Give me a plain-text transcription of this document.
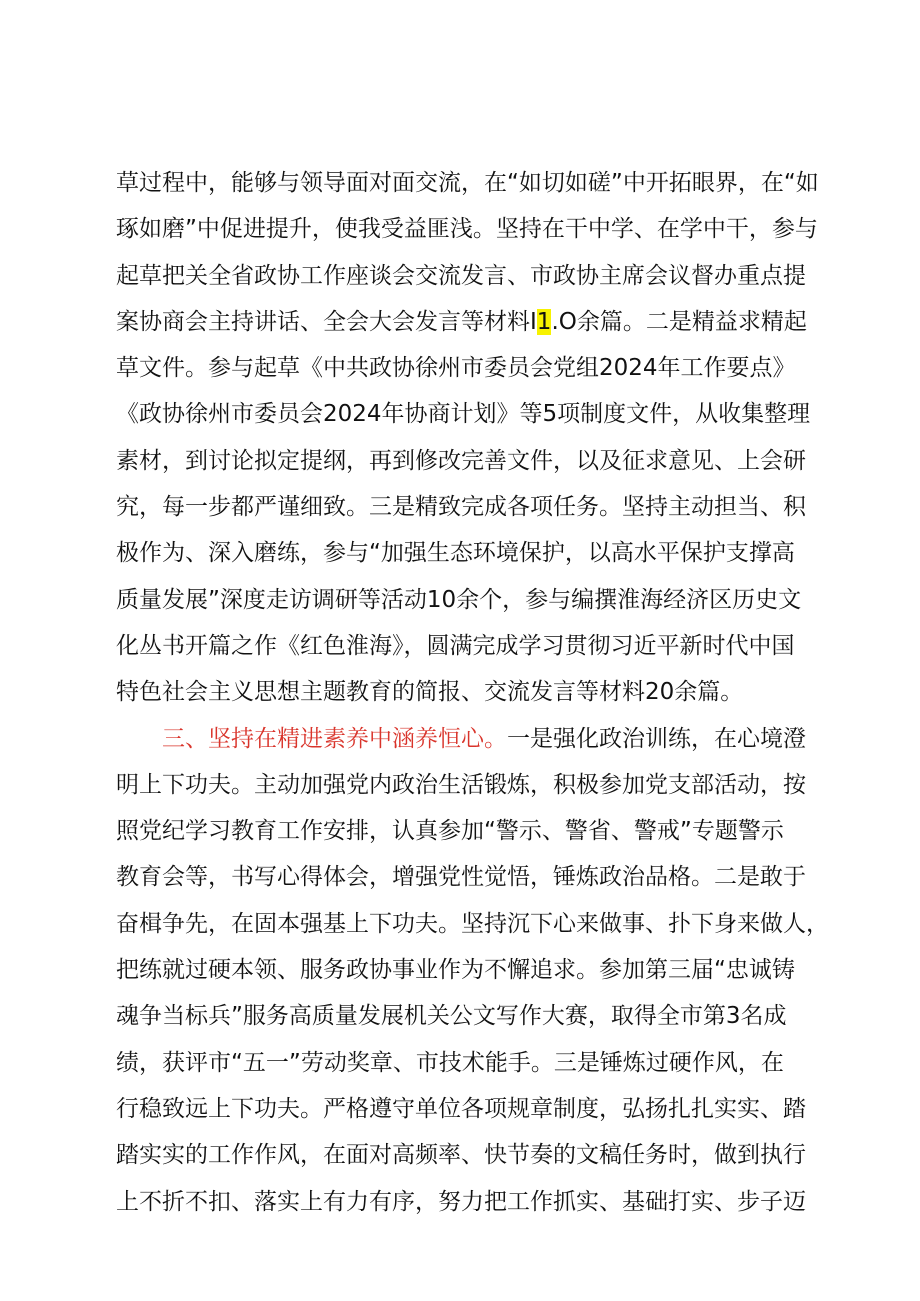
草过程中，能够与领导面对面交流，在“如切如磋”中开拓眼界，在“如
琢如磨”中促进提升，使我受益匪浅。坚持在干中学、在学中干，参与
起草把关全省政协工作座谈会交流发言、市政协主席会议督办重点提
案协商会主持讲话、全会大会发言等材料I1.O余篇。二是精益求精起
草文件。参与起草《中共政协徐州市委员会党组2024年工作要点》
《政协徐州市委员会2024年协商计划》等5项制度文件，从收集整理
素材，到讨论拟定提纲，再到修改完善文件，以及征求意见、上会研
究，每一步都严谨细致。三是精致完成各项任务。坚持主动担当、积
极作为、深入磨练，参与“加强生态环境保护，以高水平保护支撑高
质量发展”深度走访调研等活动10余个，参与编撰淮海经济区历史文
化丛书开篇之作《红色淮海》，圆满完成学习贯彻习近平新时代中国
特色社会主义思想主题教育的简报、交流发言等材料20余篇。
三、坚持在精进素养中涵养恒心。一是强化政治训练，在心境澄
明上下功夫。主动加强党内政治生活锻炼，积极参加党支部活动，按
照党纪学习教育工作安排，认真参加“警示、警省、警戒”专题警示
教育会等，书写心得体会，增强党性觉悟，锤炼政治品格。二是敢于
奋楫争先，在固本强基上下功夫。坚持沉下心来做事、扑下身来做人，
把练就过硬本领、服务政协事业作为不懈追求。参加第三届“忠诚铸
魂争当标兵”服务高质量发展机关公文写作大赛，取得全市第3名成
绩，获评市“五一”劳动奖章、市技术能手。三是锤炼过硬作风，在
行稳致远上下功夫。严格遵守单位各项规章制度，弘扬扎扎实实、踏
踏实实的工作作风，在面对高频率、快节奏的文稿任务时，做到执行
上不折不扣、落实上有力有序，努力把工作抓实、基础打实、步子迈
